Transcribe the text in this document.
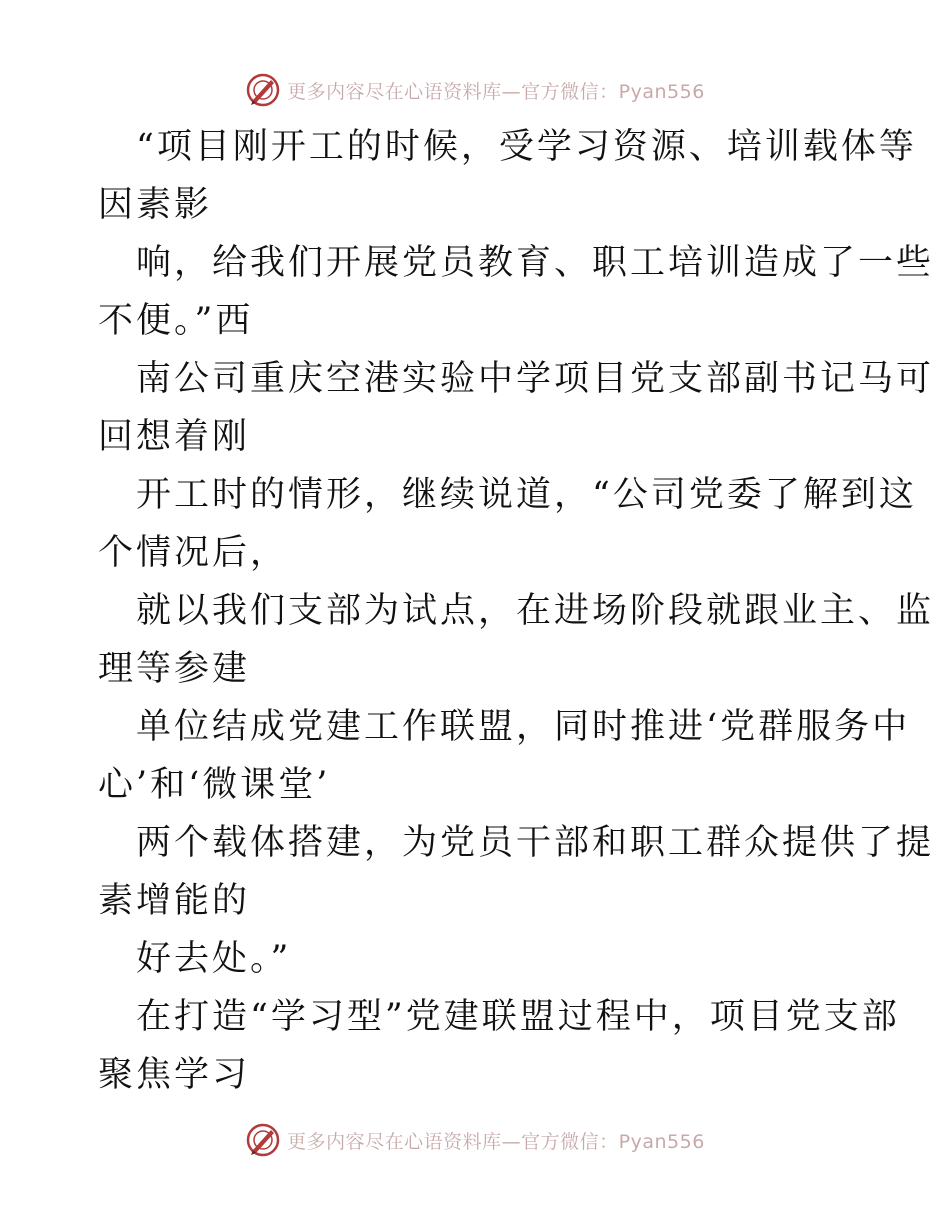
更多内容尽在心语资料库—官方微信：Pyan556

“项目刚开工的时候，受学习资源、培训载体等
因素影

响，给我们开展党员教育、职工培训造成了一些
不便。”西

南公司重庆空港实验中学项目党支部副书记马可
回想着刚

开工时的情形，继续说道，“公司党委了解到这
个情况后，

就以我们支部为试点，在进场阶段就跟业主、监
理等参建

单位结成党建工作联盟，同时推进‘党群服务中
心’和‘微课堂’

两个载体搭建，为党员干部和职工群众提供了提
素增能的

好去处。”

在打造“学习型”党建联盟过程中，项目党支部
聚焦学习

更多内容尽在心语资料库—官方微信：Pyan556
